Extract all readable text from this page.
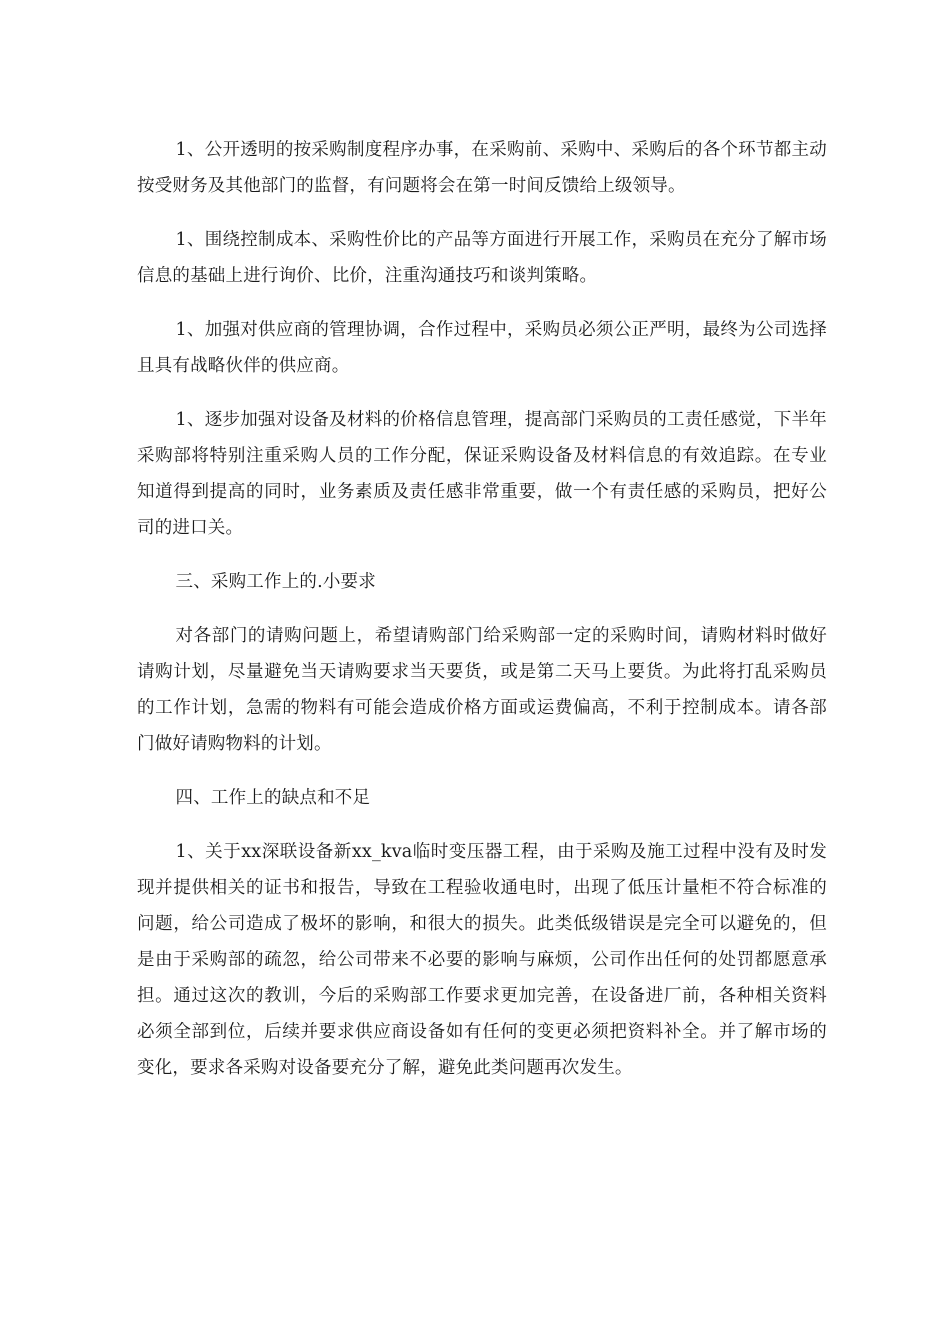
1、公开透明的按采购制度程序办事，在采购前、采购中、采购后的各个环节都主动按受财务及其他部门的监督，有问题将会在第一时间反馈给上级领导。

1、围绕控制成本、采购性价比的产品等方面进行开展工作，采购员在充分了解市场信息的基础上进行询价、比价，注重沟通技巧和谈判策略。

1、加强对供应商的管理协调，合作过程中，采购员必须公正严明，最终为公司选择且具有战略伙伴的供应商。

1、逐步加强对设备及材料的价格信息管理，提高部门采购员的工责任感觉，下半年采购部将特别注重采购人员的工作分配，保证采购设备及材料信息的有效追踪。在专业知道得到提高的同时，业务素质及责任感非常重要，做一个有责任感的采购员，把好公司的进口关。

三、采购工作上的.小要求

对各部门的请购问题上，希望请购部门给采购部一定的采购时间，请购材料时做好请购计划，尽量避免当天请购要求当天要货，或是第二天马上要货。为此将打乱采购员的工作计划，急需的物料有可能会造成价格方面或运费偏高，不利于控制成本。请各部门做好请购物料的计划。

四、工作上的缺点和不足

1、关于xx深联设备新xx_kva临时变压器工程，由于采购及施工过程中没有及时发现并提供相关的证书和报告，导致在工程验收通电时，出现了低压计量柜不符合标准的问题，给公司造成了极坏的影响，和很大的损失。此类低级错误是完全可以避免的，但是由于采购部的疏忽，给公司带来不必要的影响与麻烦，公司作出任何的处罚都愿意承担。通过这次的教训，今后的采购部工作要求更加完善，在设备进厂前，各种相关资料必须全部到位，后续并要求供应商设备如有任何的变更必须把资料补全。并了解市场的变化，要求各采购对设备要充分了解，避免此类问题再次发生。
